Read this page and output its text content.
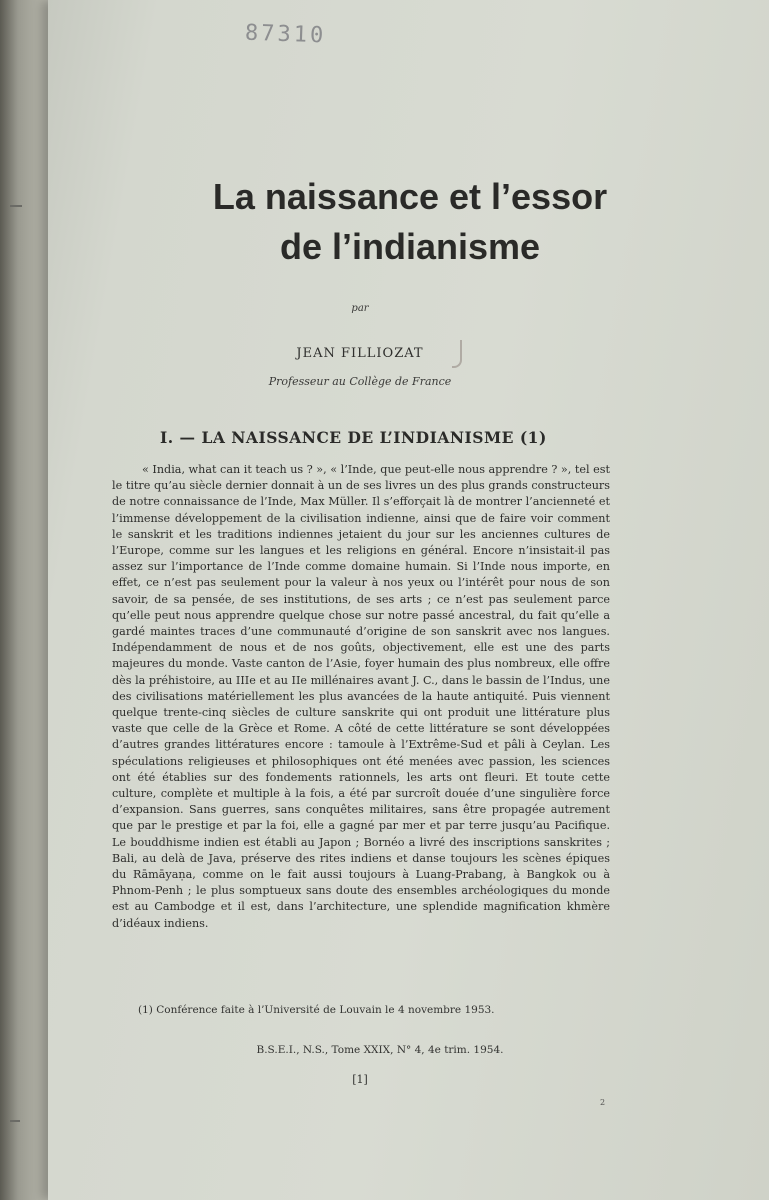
87310

La naissance et l’essor
de l’indianisme

par

JEAN FILLIOZAT

Professeur au Collège de France

I. — LA NAISSANCE DE L’INDIANISME (1)

« India, what can it teach us ? », « l’Inde, que peut-elle nous apprendre ? », tel est le titre qu’au siècle dernier donnait à un de ses livres un des plus grands constructeurs de notre connaissance de l’Inde, Max Müller. Il s’efforçait là de montrer l’ancienneté et l’immense développement de la civilisation indienne, ainsi que de faire voir comment le sanskrit et les traditions indiennes jetaient du jour sur les anciennes cultures de l’Europe, comme sur les langues et les religions en général. Encore n’insistait-il pas assez sur l’importance de l’Inde comme domaine humain. Si l’Inde nous importe, en effet, ce n’est pas seulement pour la valeur à nos yeux ou l’intérêt pour nous de son savoir, de sa pensée, de ses institutions, de ses arts ; ce n’est pas seulement parce qu’elle peut nous apprendre quelque chose sur notre passé ancestral, du fait qu’elle a gardé maintes traces d’une communauté d’origine de son sanskrit avec nos langues. Indépendamment de nous et de nos goûts, objectivement, elle est une des parts majeures du monde. Vaste canton de l’Asie, foyer humain des plus nombreux, elle offre dès la préhistoire, au IIIe et au IIe millénaires avant J. C., dans le bassin de l’Indus, une des civilisations matériellement les plus avancées de la haute antiquité. Puis viennent quelque trente-cinq siècles de culture sanskrite qui ont produit une littérature plus vaste que celle de la Grèce et Rome. A côté de cette littérature se sont développées d’autres grandes littératures encore : tamoule à l’Extrême-Sud et pâli à Ceylan. Les spéculations religieuses et philosophiques ont été menées avec passion, les sciences ont été établies sur des fondements rationnels, les arts ont fleuri. Et toute cette culture, complète et multiple à la fois, a été par surcroît douée d’une singulière force d’expansion. Sans guerres, sans conquêtes militaires, sans être propagée autrement que par le prestige et par la foi, elle a gagné par mer et par terre jusqu’au Pacifique. Le bouddhisme indien est établi au Japon ; Bornéo a livré des inscriptions sanskrites ; Bali, au delà de Java, préserve des rites indiens et danse toujours les scènes épiques du Rāmāyaṇa, comme on le fait aussi toujours à Luang-Prabang, à Bangkok ou à Phnom-Penh ; le plus somptueux sans doute des ensembles archéologiques du monde est au Cambodge et il est, dans l’architecture, une splendide magnification khmère d’idéaux indiens.

(1) Conférence faite à l’Université de Louvain le 4 novembre 1953.

B.S.E.I., N.S., Tome XXIX, N° 4, 4e trim. 1954.

[1]

2
